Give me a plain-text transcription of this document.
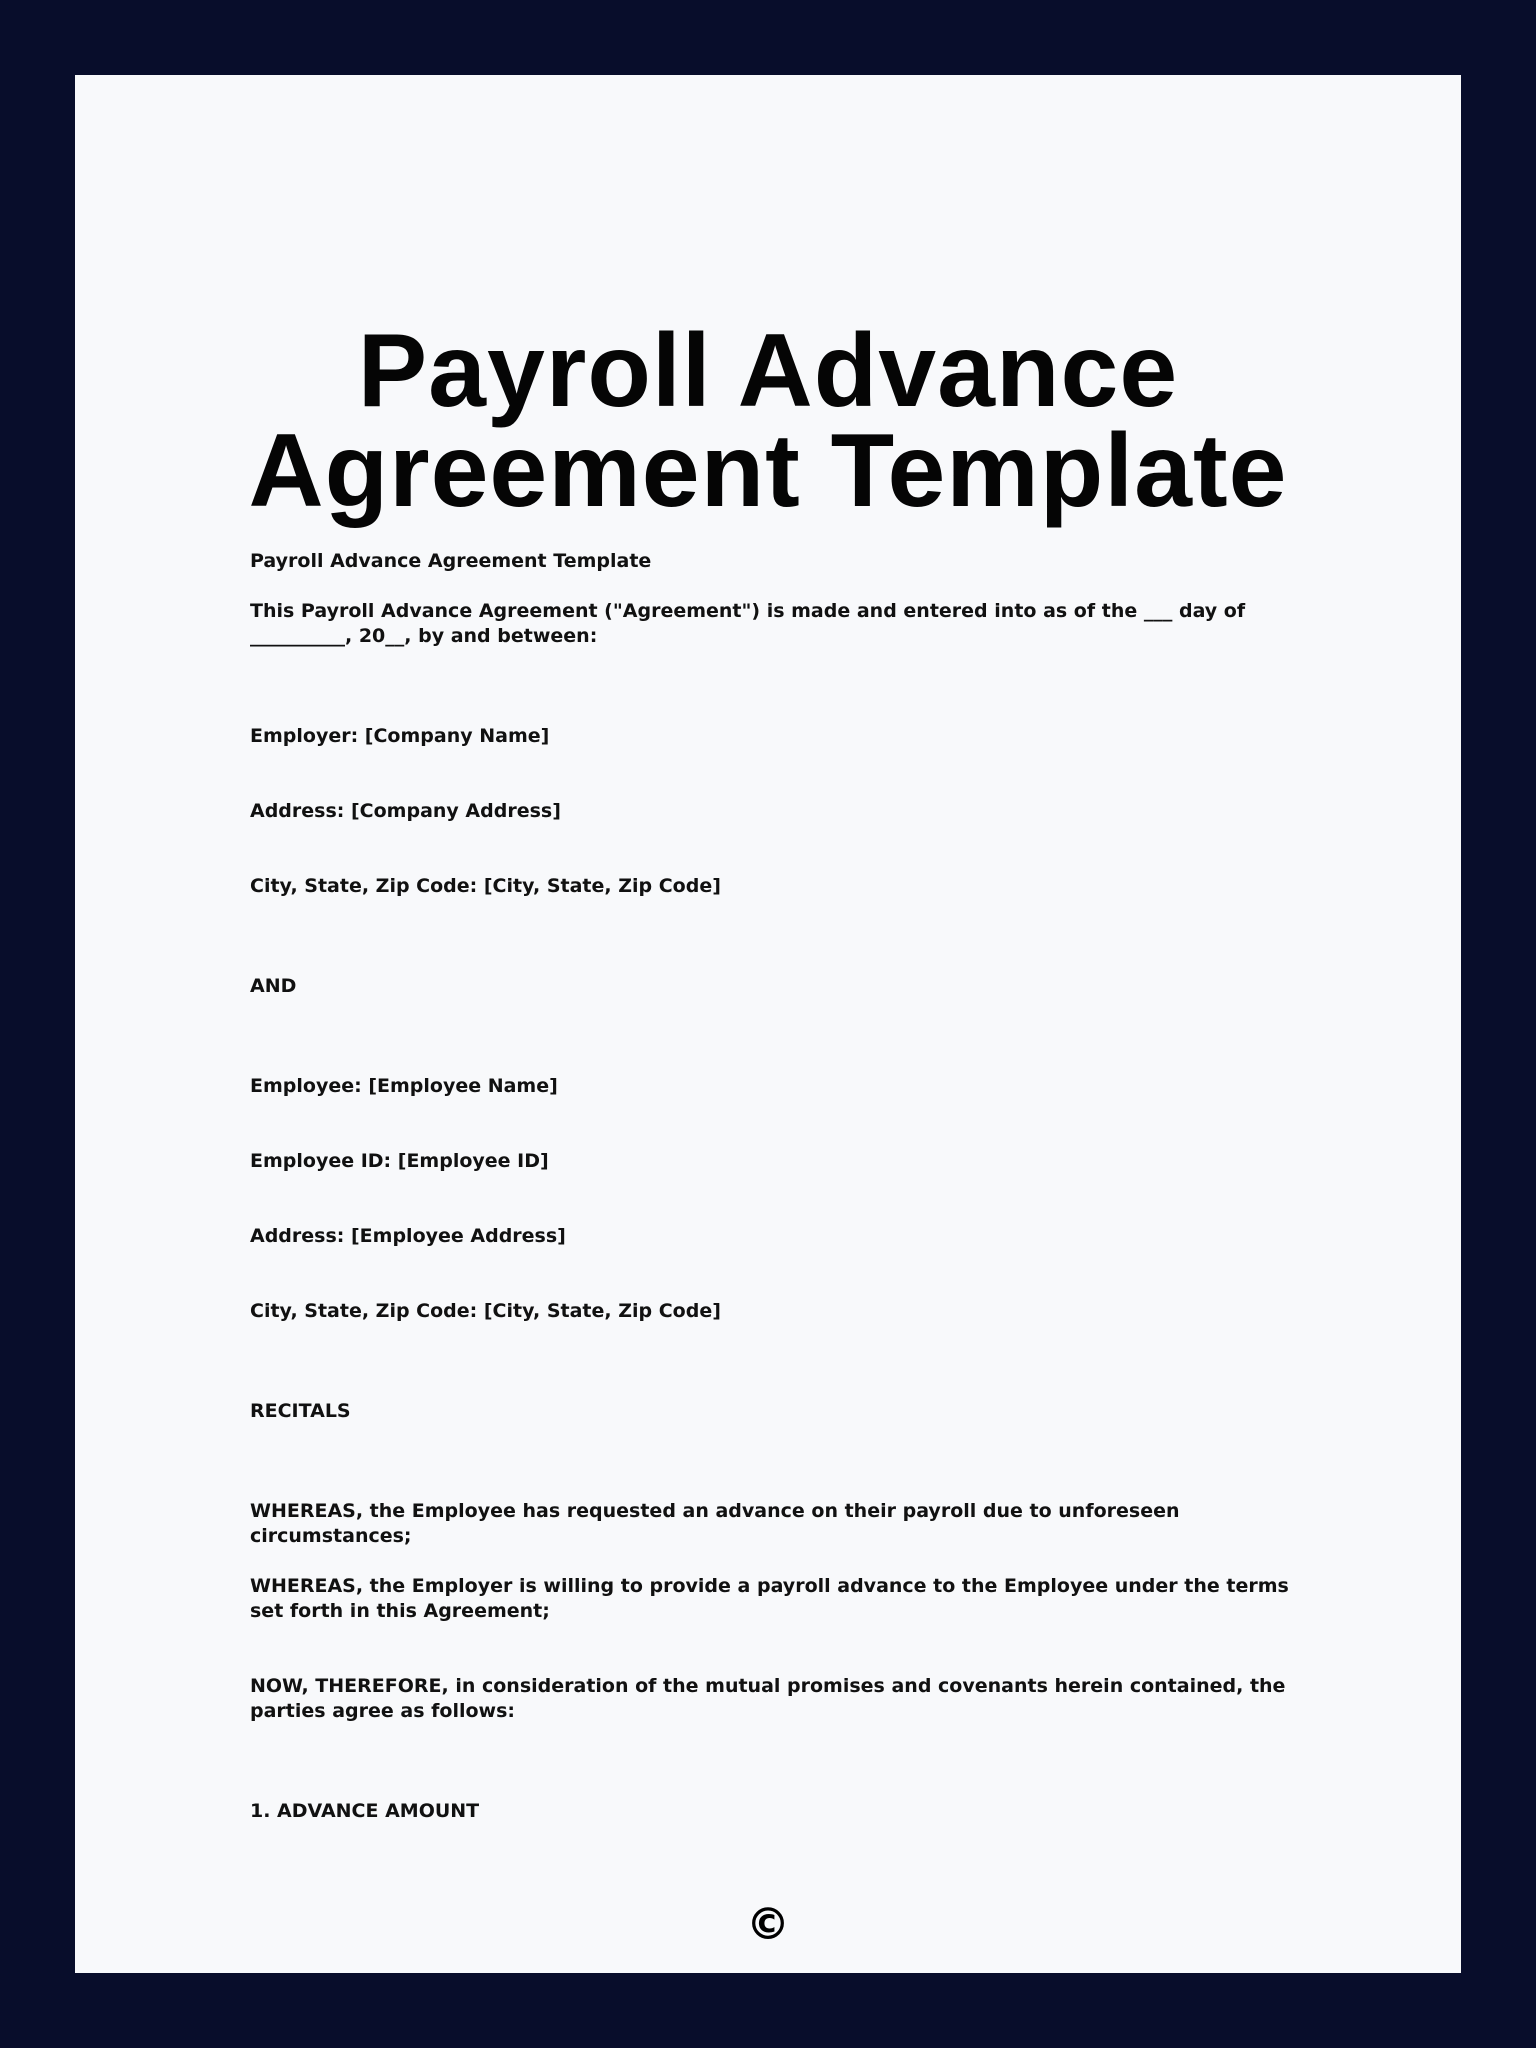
Payroll Advance Agreement Template

Payroll Advance Agreement Template

This Payroll Advance Agreement ("Agreement") is made and entered into as of the ___ day of __________, 20__, by and between:

Employer: [Company Name]

Address: [Company Address]

City, State, Zip Code: [City, State, Zip Code]

AND

Employee: [Employee Name]

Employee ID: [Employee ID]

Address: [Employee Address]

City, State, Zip Code: [City, State, Zip Code]

RECITALS

WHEREAS, the Employee has requested an advance on their payroll due to unforeseen circumstances;

WHEREAS, the Employer is willing to provide a payroll advance to the Employee under the terms set forth in this Agreement;

NOW, THEREFORE, in consideration of the mutual promises and covenants herein contained, the parties agree as follows:

1. ADVANCE AMOUNT

©
